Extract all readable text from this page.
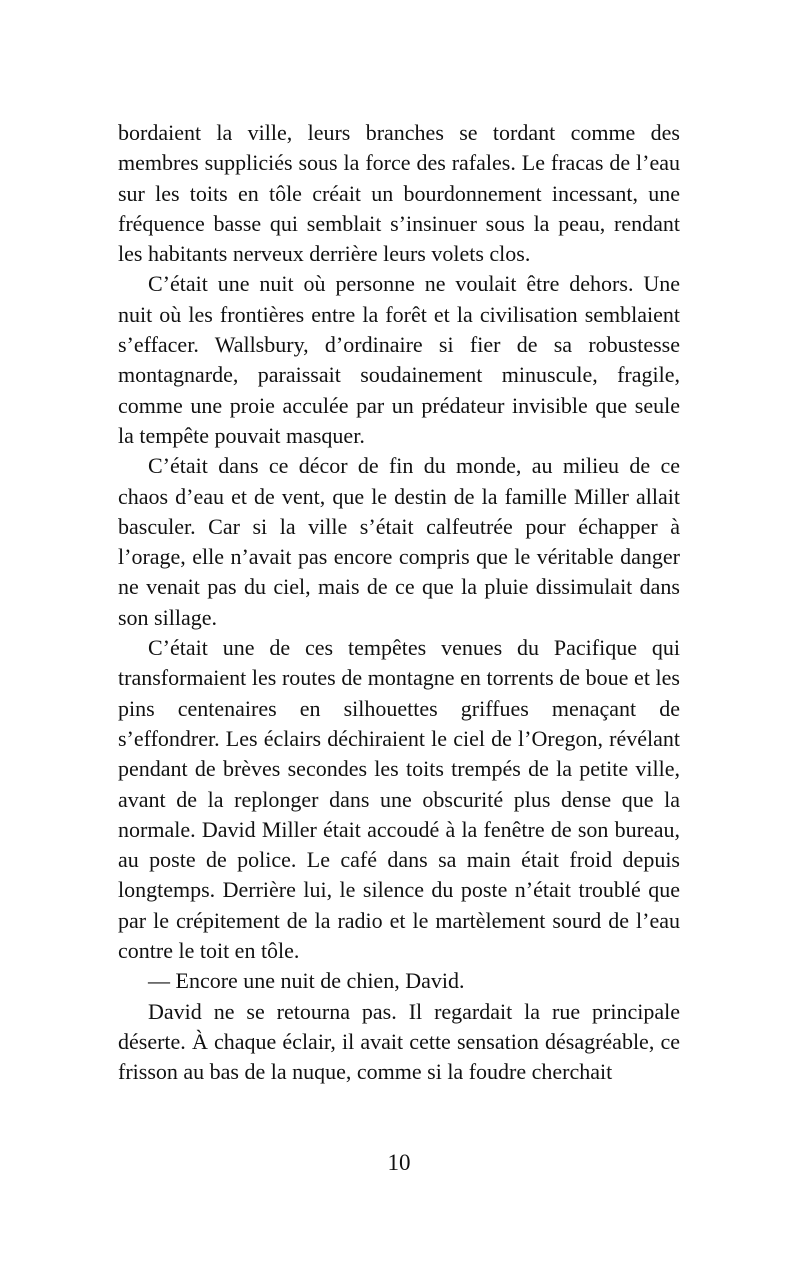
bordaient la ville, leurs branches se tordant comme des membres suppliciés sous la force des rafales. Le fracas de l’eau sur les toits en tôle créait un bourdonnement incessant, une fréquence basse qui semblait s’insinuer sous la peau, rendant les habitants nerveux derrière leurs volets clos.

C’était une nuit où personne ne voulait être dehors. Une nuit où les frontières entre la forêt et la civilisation semblaient s’effacer. Wallsbury, d’ordinaire si fier de sa robustesse montagnarde, paraissait soudainement minuscule, fragile, comme une proie acculée par un prédateur invisible que seule la tempête pouvait masquer.

C’était dans ce décor de fin du monde, au milieu de ce chaos d’eau et de vent, que le destin de la famille Miller allait basculer. Car si la ville s’était calfeutrée pour échapper à l’orage, elle n’avait pas encore compris que le véritable danger ne venait pas du ciel, mais de ce que la pluie dissimulait dans son sillage.

C’était une de ces tempêtes venues du Pacifique qui transformaient les routes de montagne en torrents de boue et les pins centenaires en silhouettes griffues menaçant de s’effondrer. Les éclairs déchiraient le ciel de l’Oregon, révélant pendant de brèves secondes les toits trempés de la petite ville, avant de la replonger dans une obscurité plus dense que la normale. David Miller était accoudé à la fenêtre de son bureau, au poste de police. Le café dans sa main était froid depuis longtemps. Derrière lui, le silence du poste n’était troublé que par le crépitement de la radio et le martèlement sourd de l’eau contre le toit en tôle.

— Encore une nuit de chien, David.

David ne se retourna pas. Il regardait la rue principale déserte. À chaque éclair, il avait cette sensation désagréable, ce frisson au bas de la nuque, comme si la foudre cherchait

10
